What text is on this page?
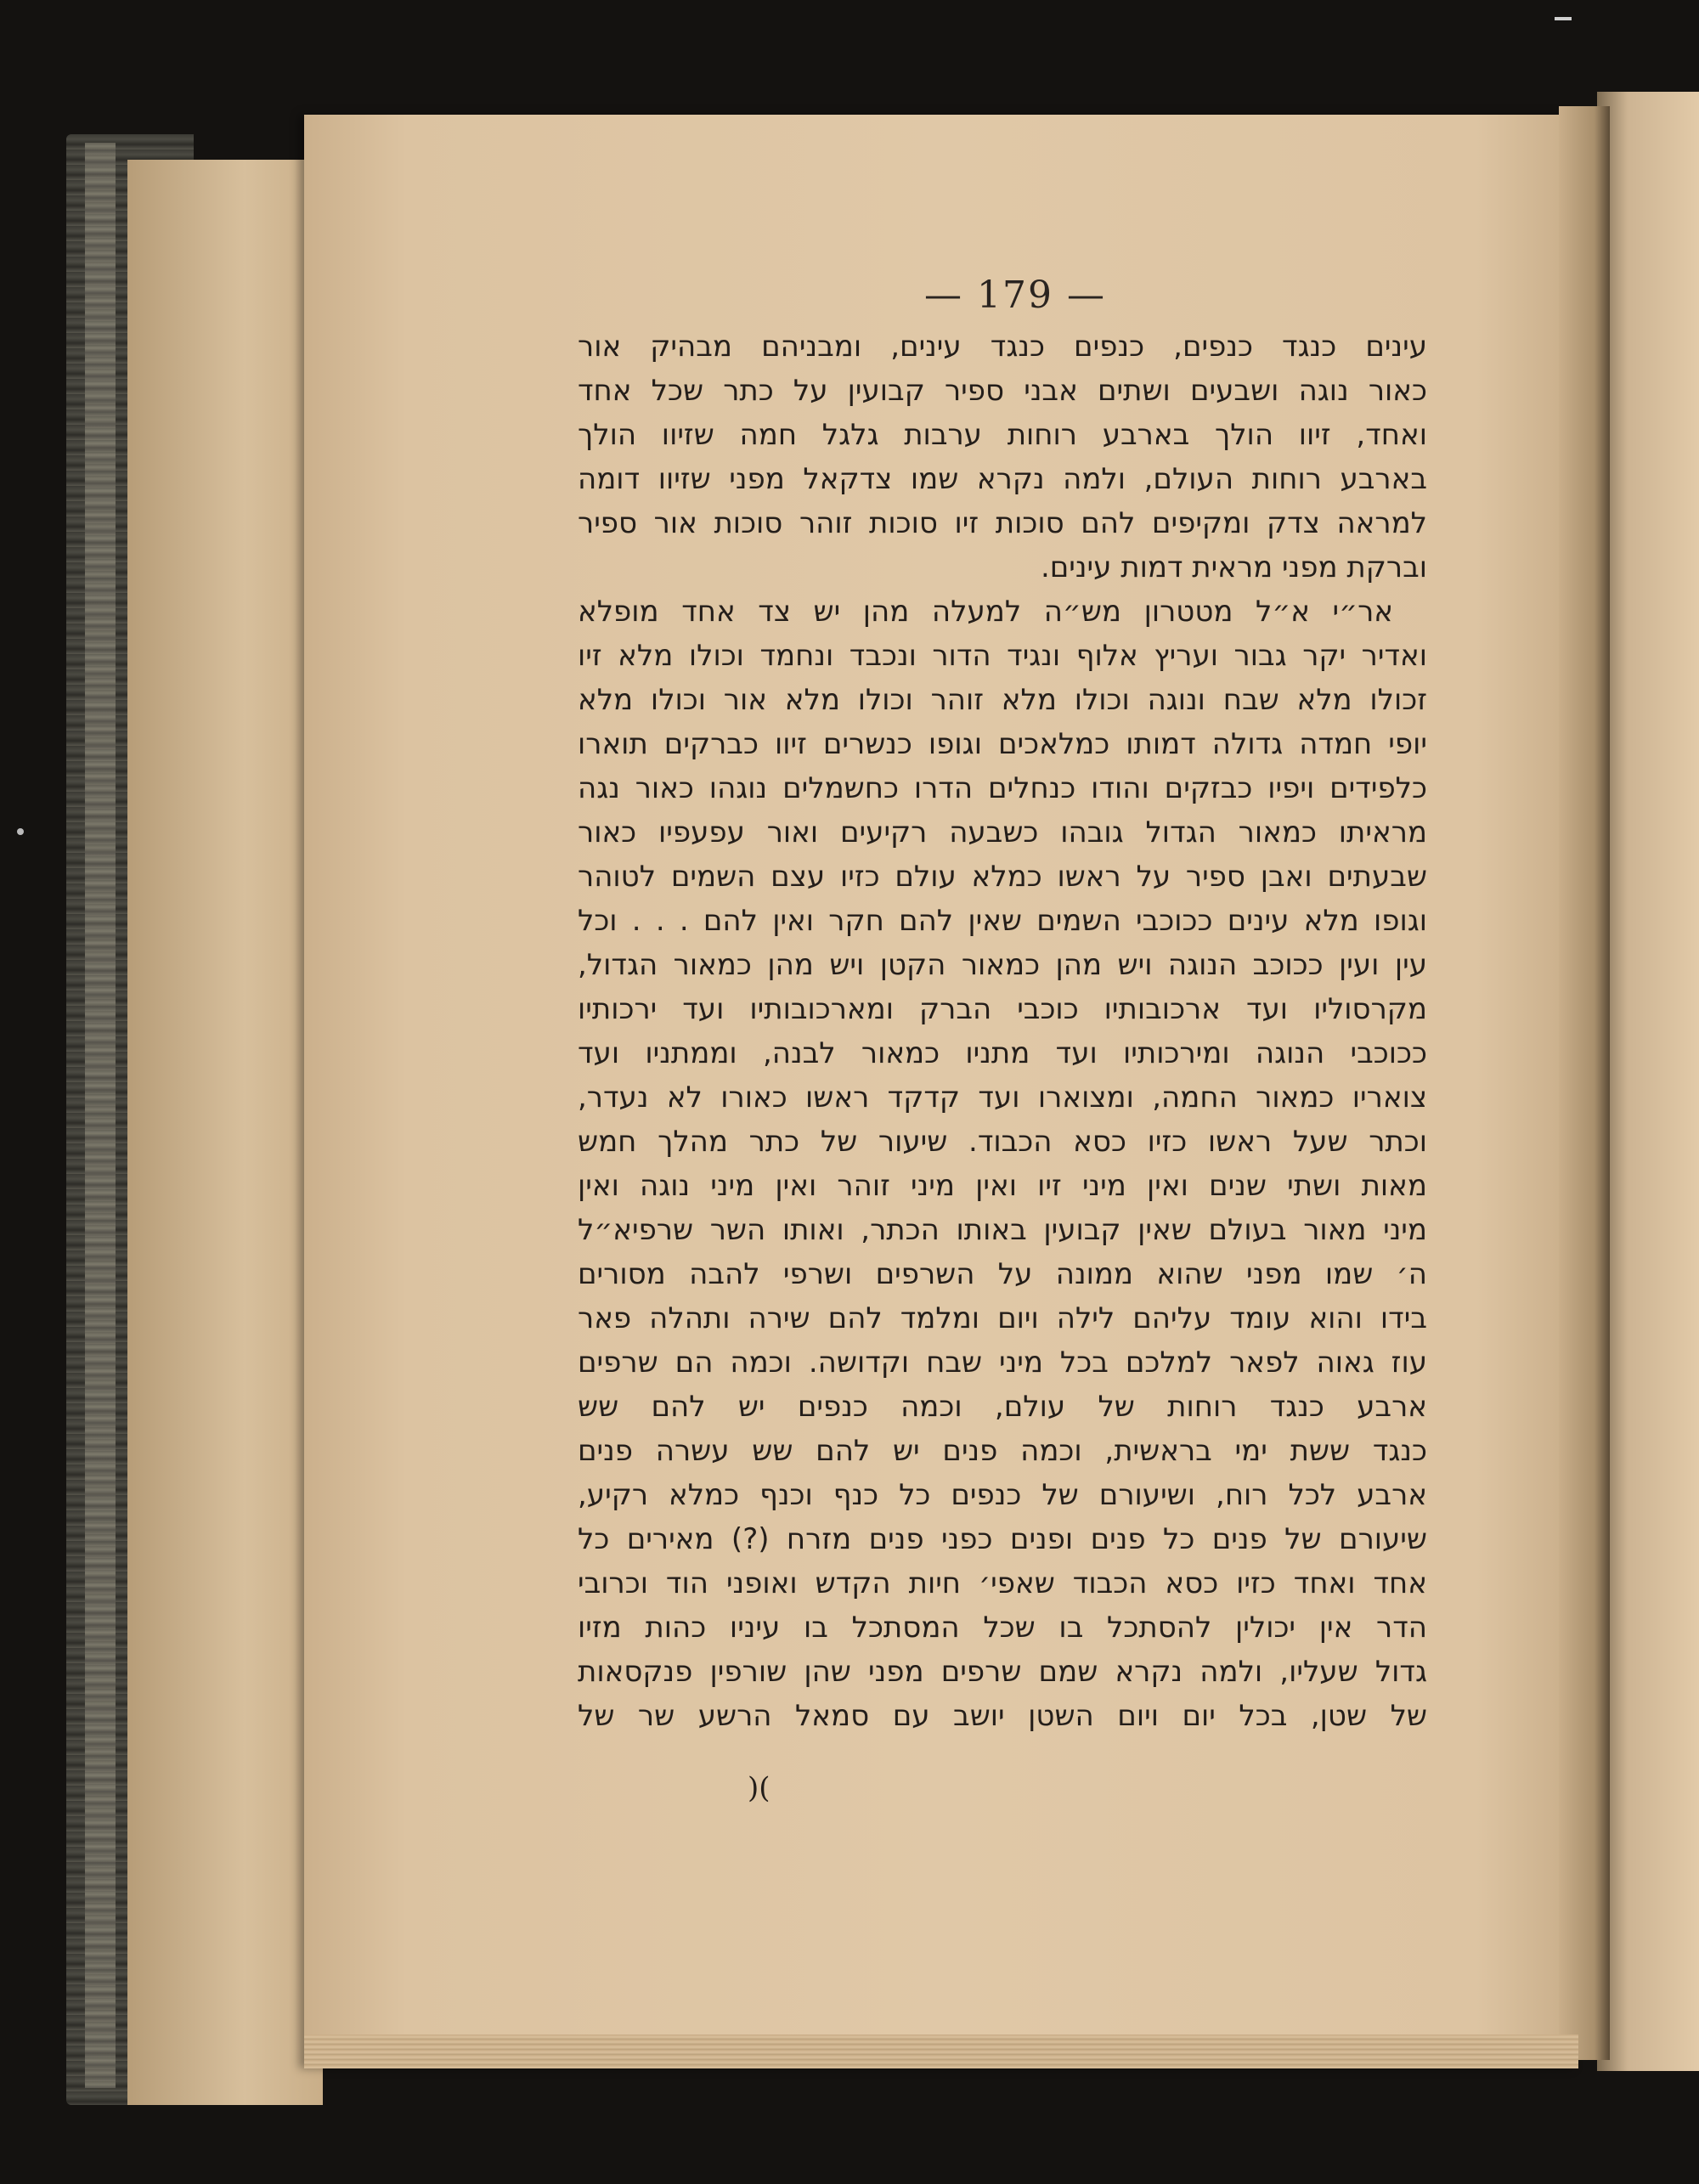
— 179 —
עינים כנגד כנפים, כנפים כנגד עינים, ומבניהם מבהיק אור
כאור נוגה ושבעים ושתים אבני ספיר קבועין על כתר שכל אחד
ואחד, זיוו הולך בארבע רוחות ערבות גלגל חמה שזיוו הולך
בארבע רוחות העולם, ולמה נקרא שמו צדקאל מפני שזיוו דומה
למראה צדק ומקיפים להם סוכות זיו סוכות זוהר סוכות אור ספיר
וברקת מפני מראית דמות עינים.
אר״י א״ל מטטרון מש״ה למעלה מהן יש צד אחד מופלא
ואדיר יקר גבור ועריץ אלוף ונגיד הדור ונכבד ונחמד וכולו מלא זיו
זכולו מלא שבח ונוגה וכולו מלא זוהר וכולו מלא אור וכולו מלא
יופי חמדה גדולה דמותו כמלאכים וגופו כנשרים זיוו כברקים תוארו
כלפידים ויפיו כבזקים והודו כנחלים הדרו כחשמלים נוגהו כאור נגה
מראיתו כמאור הגדול גובהו כשבעה רקיעים ואור עפעפיו כאור
שבעתים ואבן ספיר על ראשו כמלא עולם כזיו עצם השמים לטוהר
וגופו מלא עינים ככוכבי השמים שאין להם חקר ואין להם . . . וכל
עין ועין ככוכב הנוגה ויש מהן כמאור הקטן ויש מהן כמאור הגדול,
מקרסוליו ועד ארכובותיו כוכבי הברק ומארכובותיו ועד ירכותיו
ככוכבי הנוגה ומירכותיו ועד מתניו כמאור לבנה, וממתניו ועד
צואריו כמאור החמה, ומצוארו ועד קדקד ראשו כאורו לא נעדר,
וכתר שעל ראשו כזיו כסא הכבוד. שיעור של כתר מהלך חמש
מאות ושתי שנים ואין מיני זיו ואין מיני זוהר ואין מיני נוגה ואין
מיני מאור בעולם שאין קבועין באותו הכתר, ואותו השר שרפיא״ל
ה׳ שמו מפני שהוא ממונה על השרפים ושרפי להבה מסורים
בידו והוא עומד עליהם לילה ויום ומלמד להם שירה ותהלה פאר
עוז גאוה לפאר למלכם בכל מיני שבח וקדושה. וכמה הם שרפים
ארבע כנגד רוחות של עולם, וכמה כנפים יש להם שש
כנגד ששת ימי בראשית, וכמה פנים יש להם שש עשרה פנים
ארבע לכל רוח, ושיעורם של כנפים כל כנף וכנף כמלא רקיע,
שיעורם של פנים כל פנים ופנים כפני פנים מזרח (?) מאירים כל
אחד ואחד כזיו כסא הכבוד שאפי׳ חיות הקדש ואופני הוד וכרובי
הדר אין יכולין להסתכל בו שכל המסתכל בו עיניו כהות מזיו
גדול שעליו, ולמה נקרא שמם שרפים מפני שהן שורפין פנקסאות
של שטן, בכל יום ויום השטן יושב עם סמאל הרשע שר של
)(
